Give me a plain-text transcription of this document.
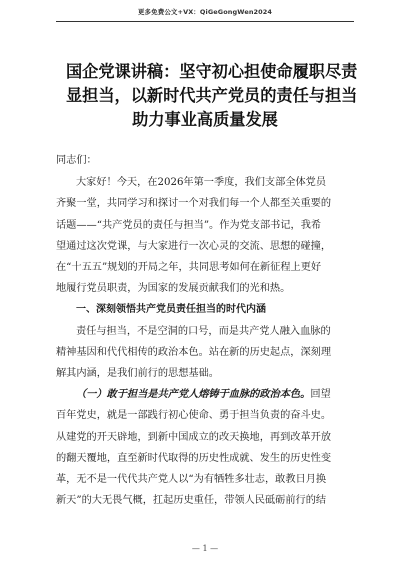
更多免费公文+VX：QiGeGongWen2024
国企党课讲稿：坚守初心担使命履职尽责
显担当，以新时代共产党员的责任与担当
助力事业高质量发展
同志们：
大家好！今天，在2026年第一季度，我们支部全体党员
齐聚一堂，共同学习和探讨一个对我们每一个人都至关重要的
话题——“共产党员的责任与担当”。作为党支部书记，我希
望通过这次党课，与大家进行一次心灵的交流、思想的碰撞，
在“十五五”规划的开局之年，共同思考如何在新征程上更好
地履行党员职责，为国家的发展贡献我们的光和热。
一、深刻领悟共产党员责任担当的时代内涵
责任与担当，不是空洞的口号，而是共产党人融入血脉的
精神基因和代代相传的政治本色。站在新的历史起点，深刻理
解其内涵，是我们前行的思想基础。
（一）敢于担当是共产党人熔铸于血脉的政治本色。回望
百年党史，就是一部践行初心使命、勇于担当负责的奋斗史。
从建党的开天辟地，到新中国成立的改天换地，再到改革开放
的翻天覆地，直至新时代取得的历史性成就、发生的历史性变
革，无不是一代代共产党人以“为有牺牲多壮志，敢教日月换
新天”的大无畏气概，扛起历史重任，带领人民砥砺前行的结
— 1 —
